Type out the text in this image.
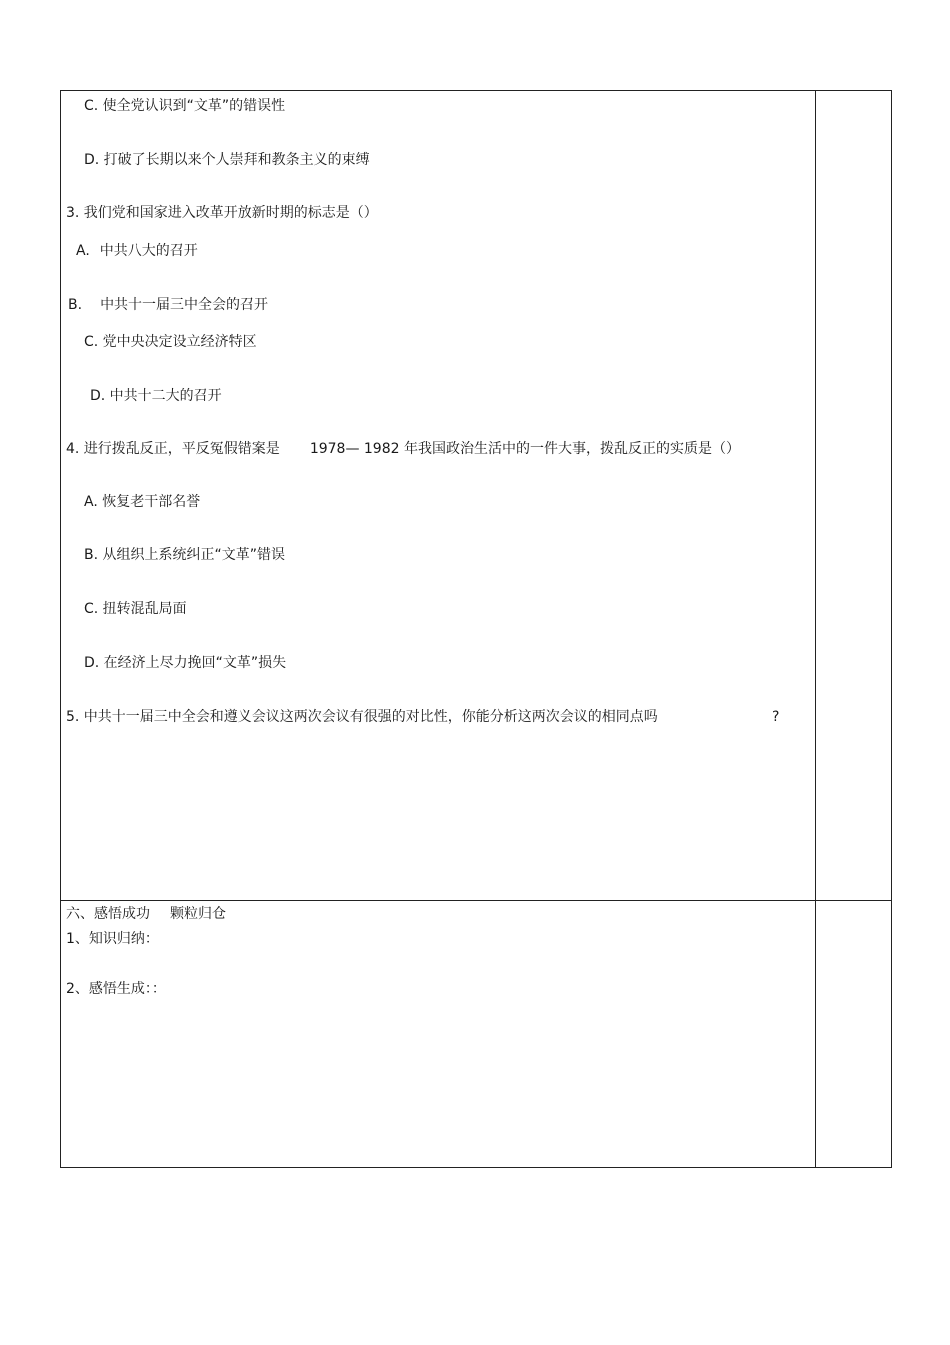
C. 使全党认识到“文革”的错误性
D. 打破了长期以来个人崇拜和教条主义的束缚
3. 我们党和国家进入改革开放新时期的标志是（）
A. 中共八大的召开
B. 中共十一届三中全会的召开
C. 党中央决定设立经济特区
D. 中共十二大的召开
4. 进行拨乱反正，平反冤假错案是 1978— 1982 年我国政治生活中的一件大事，拨乱反正的实质是（）
A. 恢复老干部名誉
B. 从组织上系统纠正“文革”错误
C. 扭转混乱局面
D. 在经济上尽力挽回“文革”损失
5. 中共十一届三中全会和遵义会议这两次会议有很强的对比性，你能分析这两次会议的相同点吗	?
六、感悟成功 颗粒归仓
1、知识归纳：
2、感悟生成：：
